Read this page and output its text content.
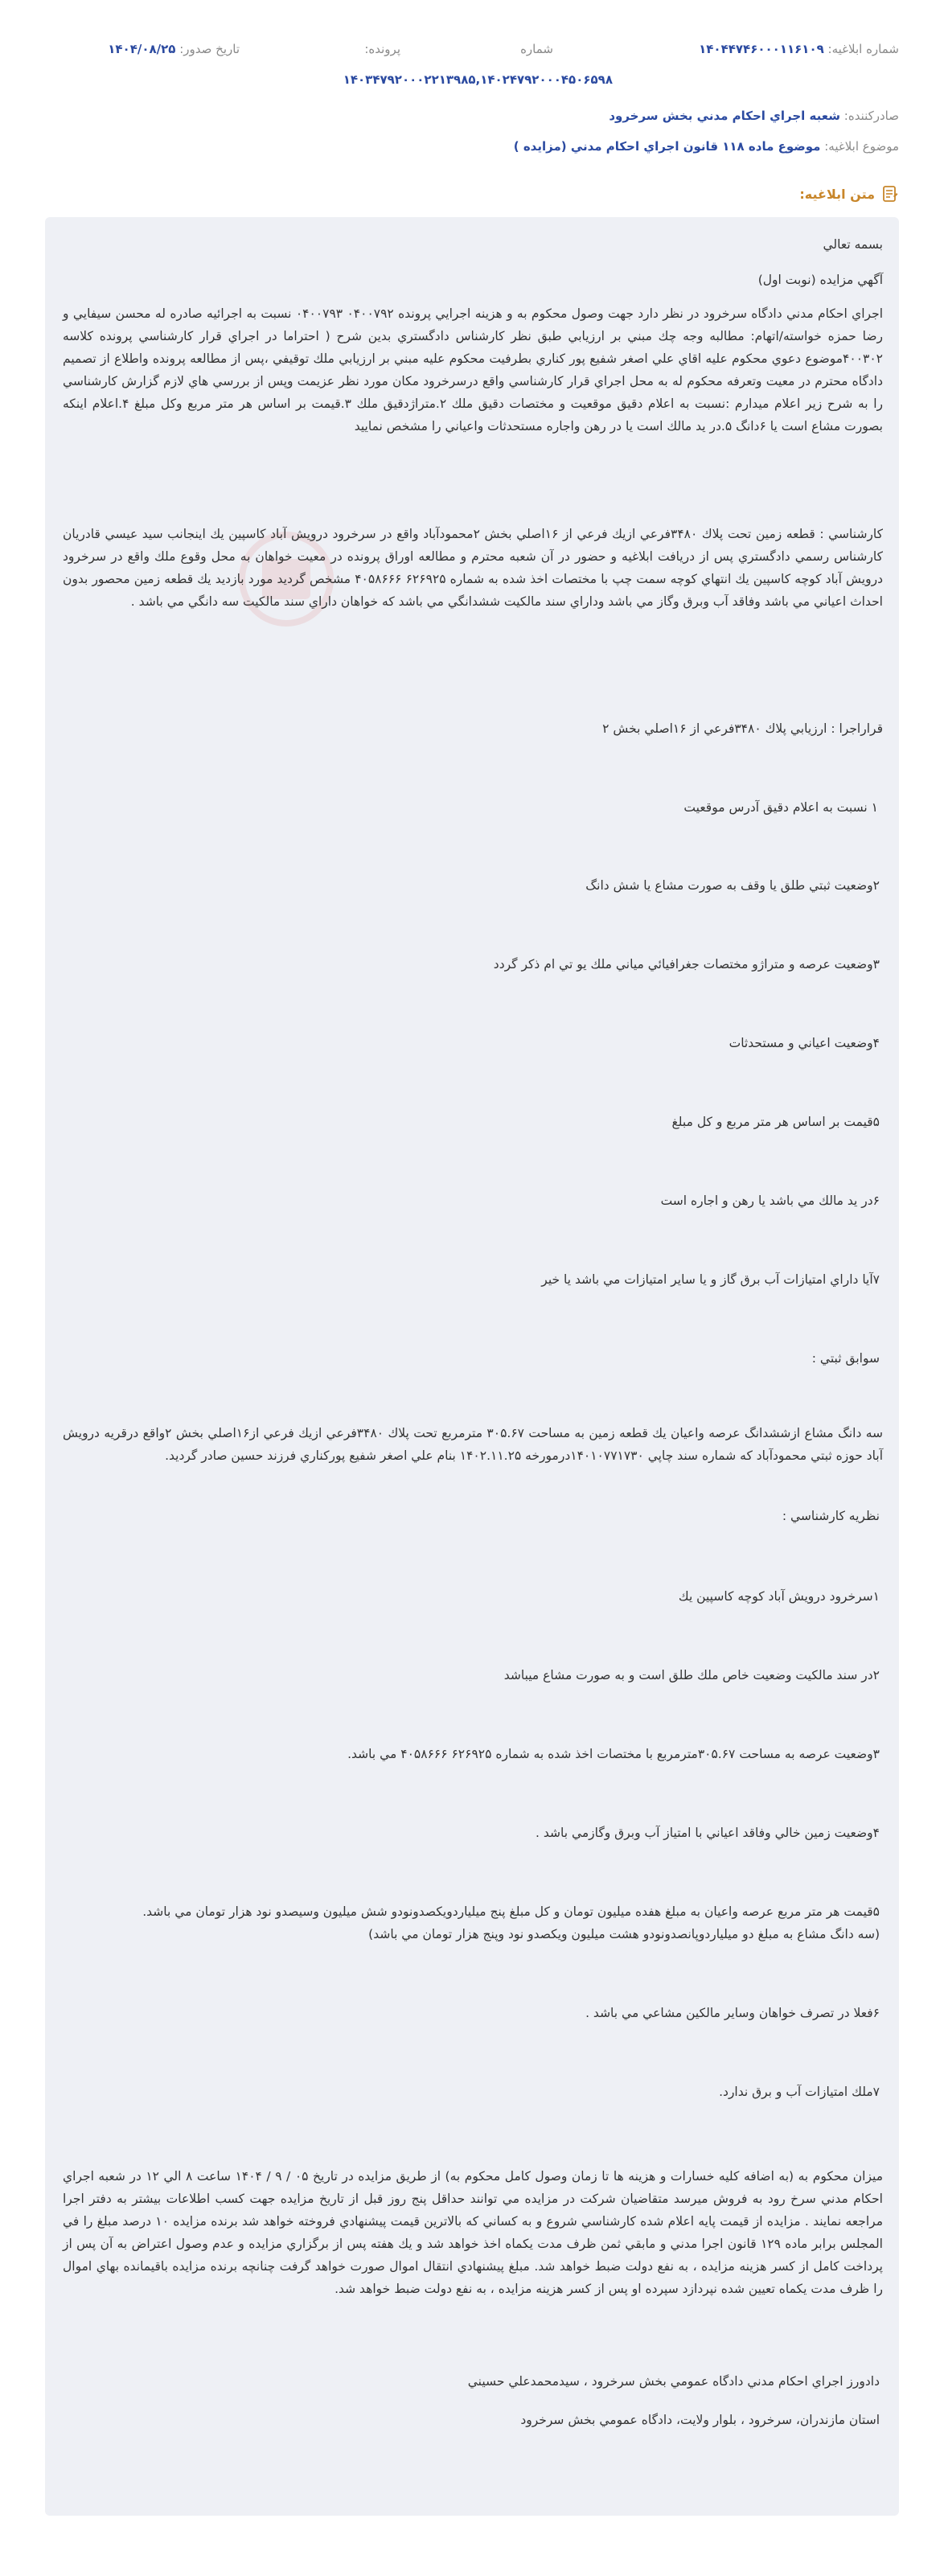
شماره ابلاغيه: ۱۴۰۴۴۷۴۶۰۰۰۱۱۶۱۰۹
شماره
پرونده:
تاريخ صدور: ۱۴۰۴/۰۸/۲۵
۱۴۰۳۴۷۹۲۰۰۰۲۲۱۳۹۸۵,۱۴۰۲۴۷۹۲۰۰۰۴۵۰۶۵۹۸
صادرکننده: شعبه اجراي احكام مدني بخش سرخرود
موضوع ابلاغيه: موضوع ماده ۱۱۸ قانون اجراي احكام مدني (مزايده )
متن ابلاغيه:

بسمه تعالي

آگهي مزايده (نوبت اول)

اجراي احكام مدني دادگاه سرخرود در نظر دارد جهت وصول محكوم به و هزينه اجرايي پرونده ۰۴۰۰۷۹۲ ۰۴۰۰۷۹۳ نسبت به اجرائيه صادره له محسن سيفايي و رضا حمزه خواسته/اتهام: مطالبه وجه چك مبني بر ارزيابي طبق نظر كارشناس دادگستري بدين شرح ( احتراما در اجراي قرار كارشناسي پرونده كلاسه ۴۰۰۳۰۲موضوع دعوي محكوم عليه اقاي علي اصغر شفيع پور كناري بطرفيت محكوم عليه مبني بر ارزيابي ملك توقيفي ،پس از مطالعه پرونده واطلاع از تصميم دادگاه محترم در معيت وتعرفه محكوم له به محل اجراي قرار كارشناسي واقع درسرخرود مكان مورد نظر عزيمت وپس از بررسي هاي لازم گزارش كارشناسي را به شرح زير اعلام ميدارم :نسبت به اعلام دقيق موقعيت و مختصات دقيق ملك ۲.متراژدقيق ملك ۳.قيمت بر اساس هر متر مربع وكل مبلغ ۴.اعلام اينكه بصورت مشاع است يا ۶دانگ ۵.در يد مالك است يا در رهن واجاره مستحدثات واعياني را مشخص نماييد

كارشناسي : قطعه زمين تحت پلاك ۳۴۸۰فرعي ازيك فرعي از ۱۶اصلي بخش ۲محمودآباد واقع در سرخرود درويش آباد كاسپين يك اينجانب سيد عيسي قادريان كارشناس رسمي دادگستري پس از دريافت ابلاغيه و حضور در آن شعبه محترم و مطالعه اوراق پرونده در معيت خواهان به محل وقوع ملك واقع در سرخرود درويش آباد كوچه كاسپين يك انتهاي كوچه سمت چپ با مختصات اخذ شده به شماره ۶۲۶۹۲۵ ۴۰۵۸۶۶۶ مشخص گرديد مورد بازديد يك قطعه زمين محصور بدون احداث اعياني مي باشد وفاقد آب وبرق وگاز مي باشد وداراي سند مالكيت ششدانگي مي باشد كه خواهان داراي سند مالكيت سه دانگي مي باشد .

قراراجرا : ارزيابي پلاك ۳۴۸۰فرعي از ۱۶اصلي بخش ۲

۱ نسبت به اعلام دقيق آدرس موقعيت
۲وضعيت ثبتي طلق يا وقف به صورت مشاع يا شش دانگ
۳وضعيت عرصه و متراژو مختصات جغرافيائي مياني ملك يو تي ام ذكر گردد
۴وضعيت اعياني و مستحدثات
۵قيمت بر اساس هر متر مربع و كل مبلغ
۶در يد مالك مي باشد يا رهن و اجاره است
۷آيا داراي امتيازات آب برق گاز و يا ساير امتيازات مي باشد يا خير
سوابق ثبتي :

سه دانگ مشاع ازششدانگ عرصه واعيان يك قطعه زمين به مساحت ۳۰۵.۶۷ مترمربع تحت پلاك ۳۴۸۰فرعي ازيك فرعي از۱۶اصلي بخش ۲واقع درقريه درويش آباد حوزه ثبتي محمودآباد كه شماره سند چاپي ۱۴۰۱۰۷۷۱۷۳۰درمورخه ۱۴۰۲.۱۱.۲۵ بنام علي اصغر شفيع پوركناري فرزند حسين صادر گرديد.

نظريه كارشناسي :
۱سرخرود درويش آباد كوچه كاسپين يك
۲در سند مالكيت وضعيت خاص ملك طلق است و به صورت مشاع ميباشد
۳وضعيت عرصه به مساحت ۳۰۵.۶۷مترمربع با مختصات اخذ شده به شماره ۶۲۶۹۲۵ ۴۰۵۸۶۶۶ مي باشد.
۴وضعيت زمين خالي وفاقد اعياني با امتياز آب وبرق وگازمي باشد .
۵قيمت هر متر مربع عرصه واعيان به مبلغ هفده ميليون تومان و كل مبلغ پنج ميلياردويكصدونودو شش ميليون وسيصدو نود هزار تومان مي باشد.
(سه دانگ مشاع به مبلغ دو ميلياردوپانصدونودو هشت ميليون ويكصدو نود وپنج هزار تومان مي باشد)
۶فعلا در تصرف خواهان وساير مالكين مشاعي مي باشد .
۷ملك امتيازات آب و برق ندارد.

ميزان محكوم به (به اضافه كليه خسارات و هزينه ها تا زمان وصول كامل محكوم به) از طريق مزايده در تاريخ ۰۵ / ۹ / ۱۴۰۴ ساعت ۸ الي ۱۲ در شعبه اجراي احكام مدني سرخ رود به فروش ميرسد متقاضيان شركت در مزايده مي توانند حداقل پنج روز قبل از تاريخ مزايده جهت كسب اطلاعات بيشتر به دفتر اجرا مراجعه نمايند . مزايده از قيمت پايه اعلام شده كارشناسي شروع و به كساني كه بالاترين قيمت پيشنهادي فروخته خواهد شد برنده مزايده ۱۰ درصد مبلغ را في المجلس برابر ماده ۱۲۹ قانون اجرا مدني و مابقي ثمن ظرف مدت يكماه اخذ خواهد شد و يك هفته پس از برگزاري مزايده و عدم وصول اعتراض به آن پس از پرداخت كامل از كسر هزينه مزايده ، به نفع دولت ضبط خواهد شد. مبلغ پيشنهادي انتقال اموال صورت خواهد گرفت چنانچه برنده مزايده باقيمانده بهاي اموال را ظرف مدت يكماه تعيين شده نپردازد سپرده او پس از كسر هزينه مزايده ، به نفع دولت ضبط خواهد شد.

دادورز اجراي احكام مدني دادگاه عمومي بخش سرخرود ، سيدمحمدعلي حسيني
استان مازندران، سرخرود ، بلوار ولايت، دادگاه عمومي بخش سرخرود
